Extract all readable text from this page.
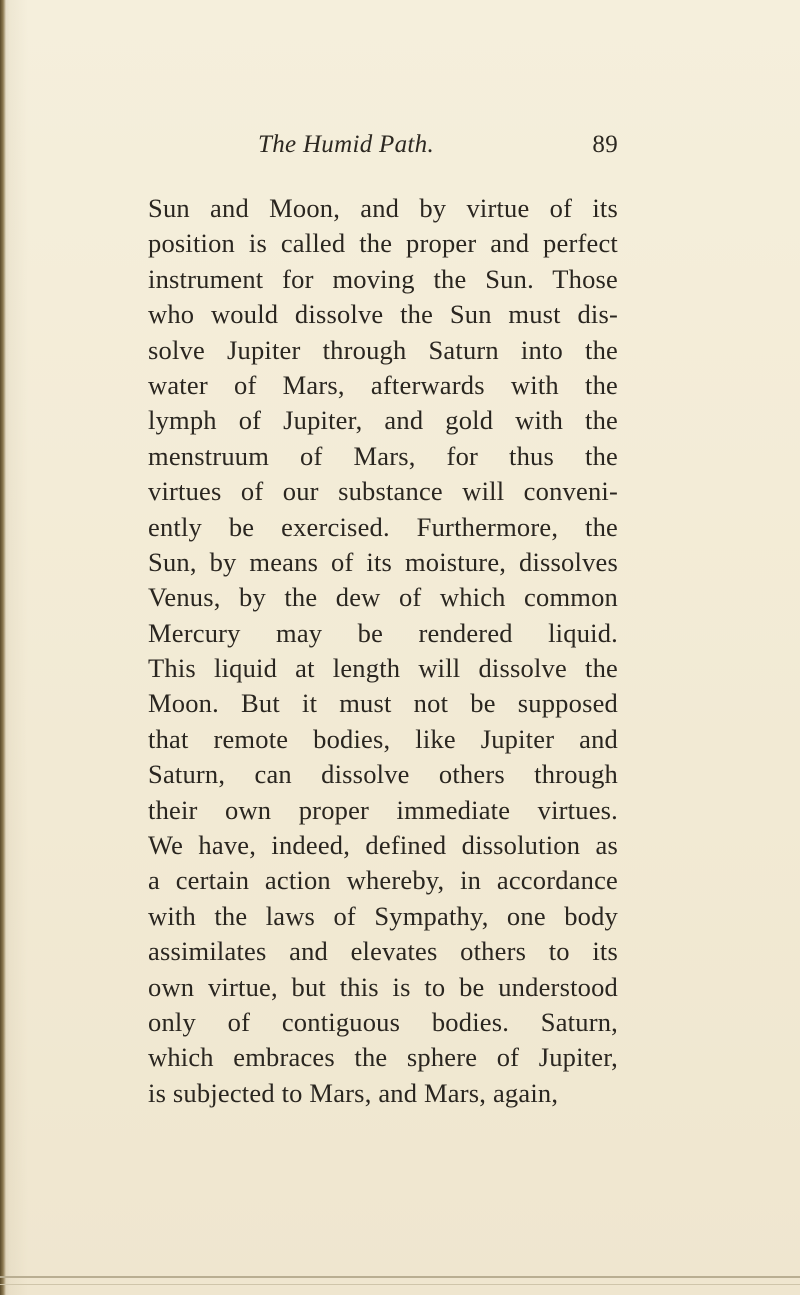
The Humid Path.	89
Sun and Moon, and by virtue of its
position is called the proper and perfect
instrument for moving the Sun. Those
who would dissolve the Sun must dis-
solve Jupiter through Saturn into the
water of Mars, afterwards with the
lymph of Jupiter, and gold with the
menstruum of Mars, for thus the
virtues of our substance will conveni-
ently be exercised. Furthermore, the
Sun, by means of its moisture, dissolves
Venus, by the dew of which common
Mercury may be rendered liquid.
This liquid at length will dissolve the
Moon. But it must not be supposed
that remote bodies, like Jupiter and
Saturn, can dissolve others through
their own proper immediate virtues.
We have, indeed, defined dissolution as
a certain action whereby, in accordance
with the laws of Sympathy, one body
assimilates and elevates others to its
own virtue, but this is to be understood
only of contiguous bodies. Saturn,
which embraces the sphere of Jupiter,
is subjected to Mars, and Mars, again,
